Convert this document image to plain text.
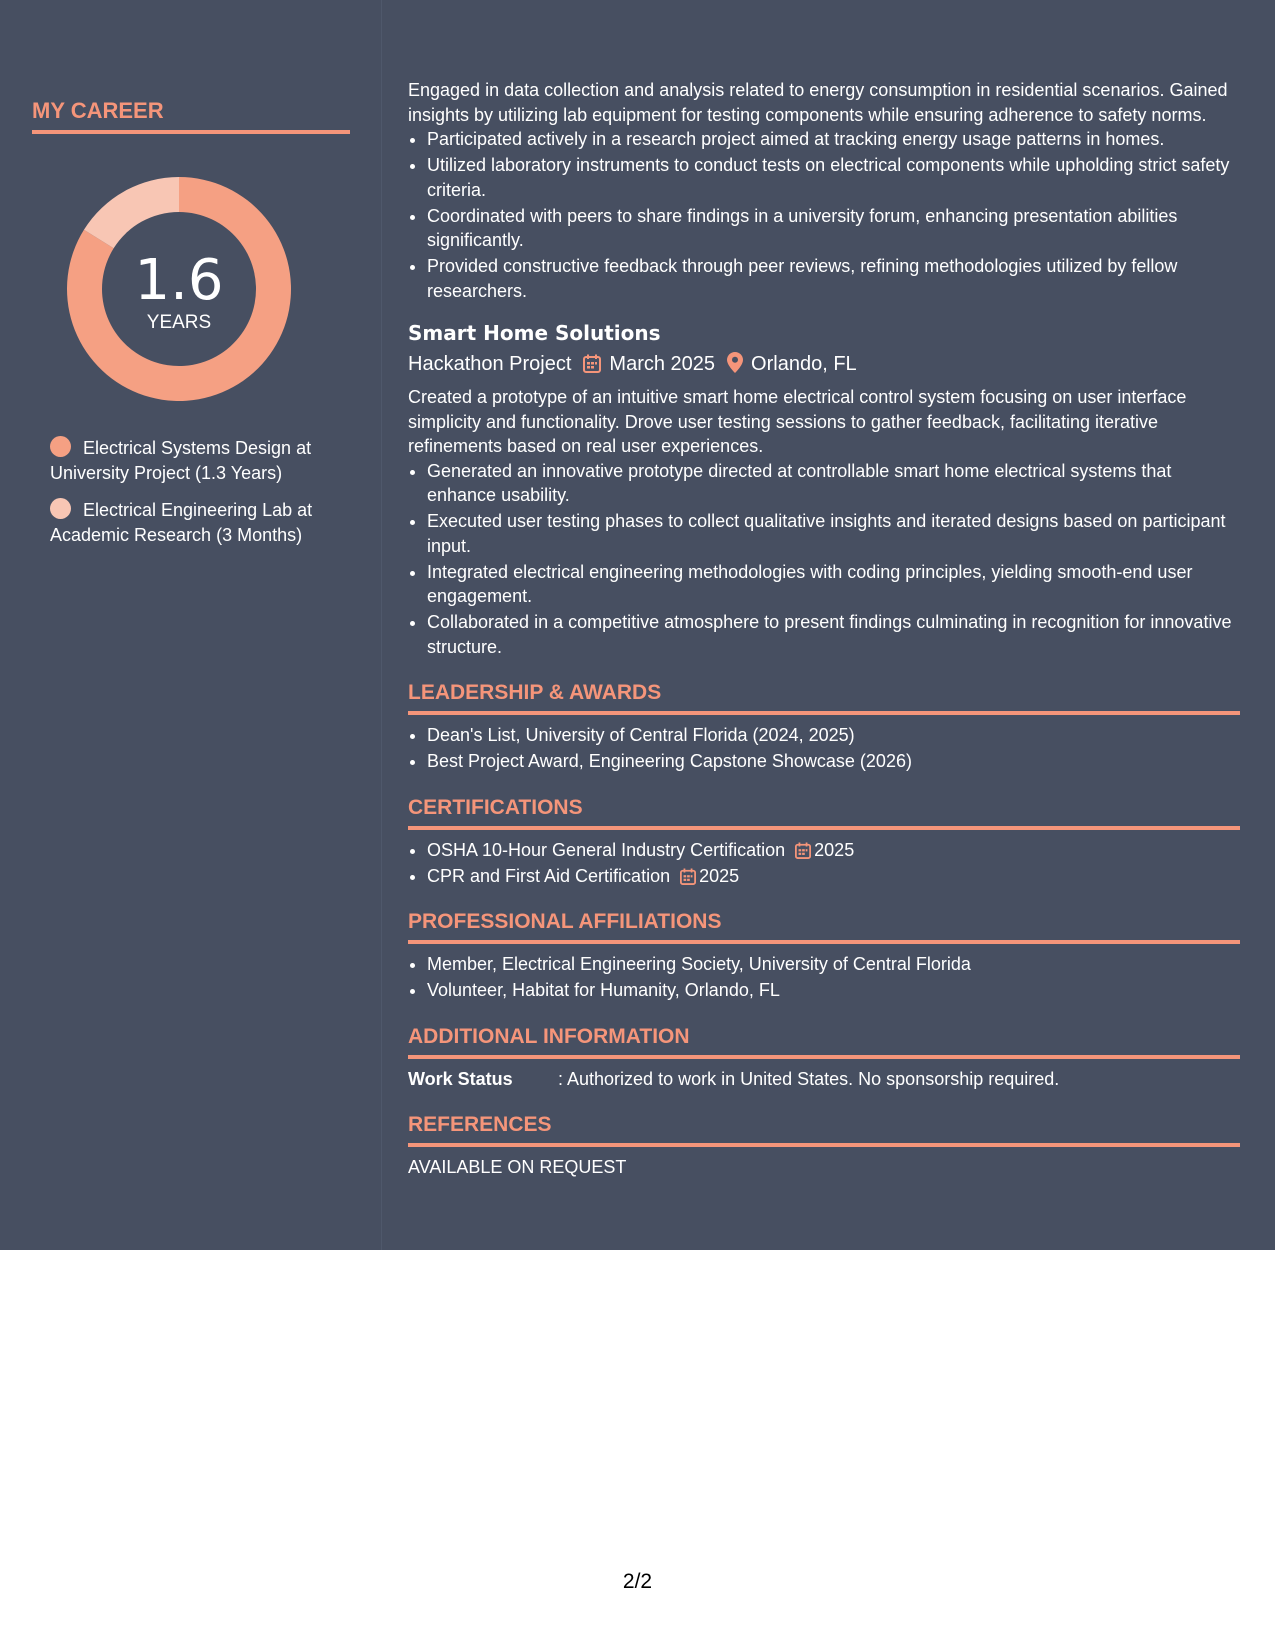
MY CAREER
1.6
YEARS
Electrical Systems Design at University Project (1.3 Years)
Electrical Engineering Lab at Academic Research (3 Months)

Engaged in data collection and analysis related to energy consumption in residential scenarios. Gained insights by utilizing lab equipment for testing components while ensuring adherence to safety norms.

• Participated actively in a research project aimed at tracking energy usage patterns in homes.
• Utilized laboratory instruments to conduct tests on electrical components while upholding strict safety criteria.
• Coordinated with peers to share findings in a university forum, enhancing presentation abilities significantly.
• Provided constructive feedback through peer reviews, refining methodologies utilized by fellow researchers.
Smart Home Solutions
Hackathon Project March 2025 Orlando, FL

Created a prototype of an intuitive smart home electrical control system focusing on user interface simplicity and functionality. Drove user testing sessions to gather feedback, facilitating iterative refinements based on real user experiences.

• Generated an innovative prototype directed at controllable smart home electrical systems that enhance usability.
• Executed user testing phases to collect qualitative insights and iterated designs based on participant input.
• Integrated electrical engineering methodologies with coding principles, yielding smooth-end user engagement.
• Collaborated in a competitive atmosphere to present findings culminating in recognition for innovative structure.
LEADERSHIP & AWARDS
• Dean's List, University of Central Florida (2024, 2025)
• Best Project Award, Engineering Capstone Showcase (2026)
CERTIFICATIONS
• OSHA 10-Hour General Industry Certification 2025
• CPR and First Aid Certification 2025
PROFESSIONAL AFFILIATIONS
• Member, Electrical Engineering Society, University of Central Florida
• Volunteer, Habitat for Humanity, Orlando, FL
ADDITIONAL INFORMATION
Work Status	: Authorized to work in United States. No sponsorship required.
REFERENCES
AVAILABLE ON REQUEST
2/2
